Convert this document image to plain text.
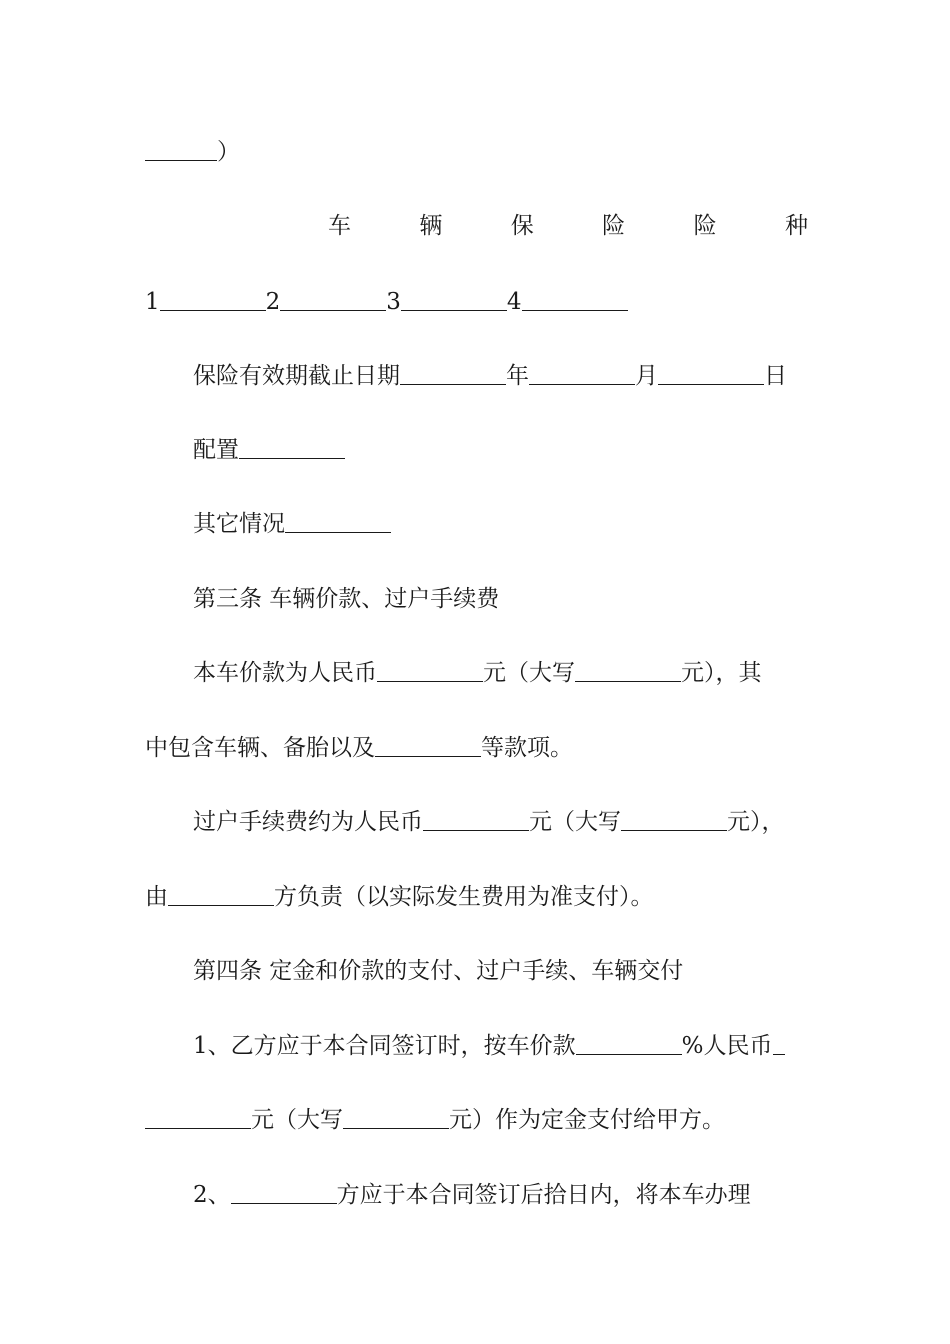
）
车	辆	保	险	险	种
1	2	3	4
保险有效期截止日期	年	月	日
配置
其它情况
第三条 车辆价款、过户手续费
本车价款为人民币	元（大写	元），其
中包含车辆、备胎以及	等款项。
过户手续费约为人民币	元（大写	元），
由	方负责（以实际发生费用为准支付）。
第四条 定金和价款的支付、过户手续、车辆交付
1、乙方应于本合同签订时，按车价款	%人民币
元（大写	元）作为定金支付给甲方。
2、	方应于本合同签订后拾日内，将本车办理
